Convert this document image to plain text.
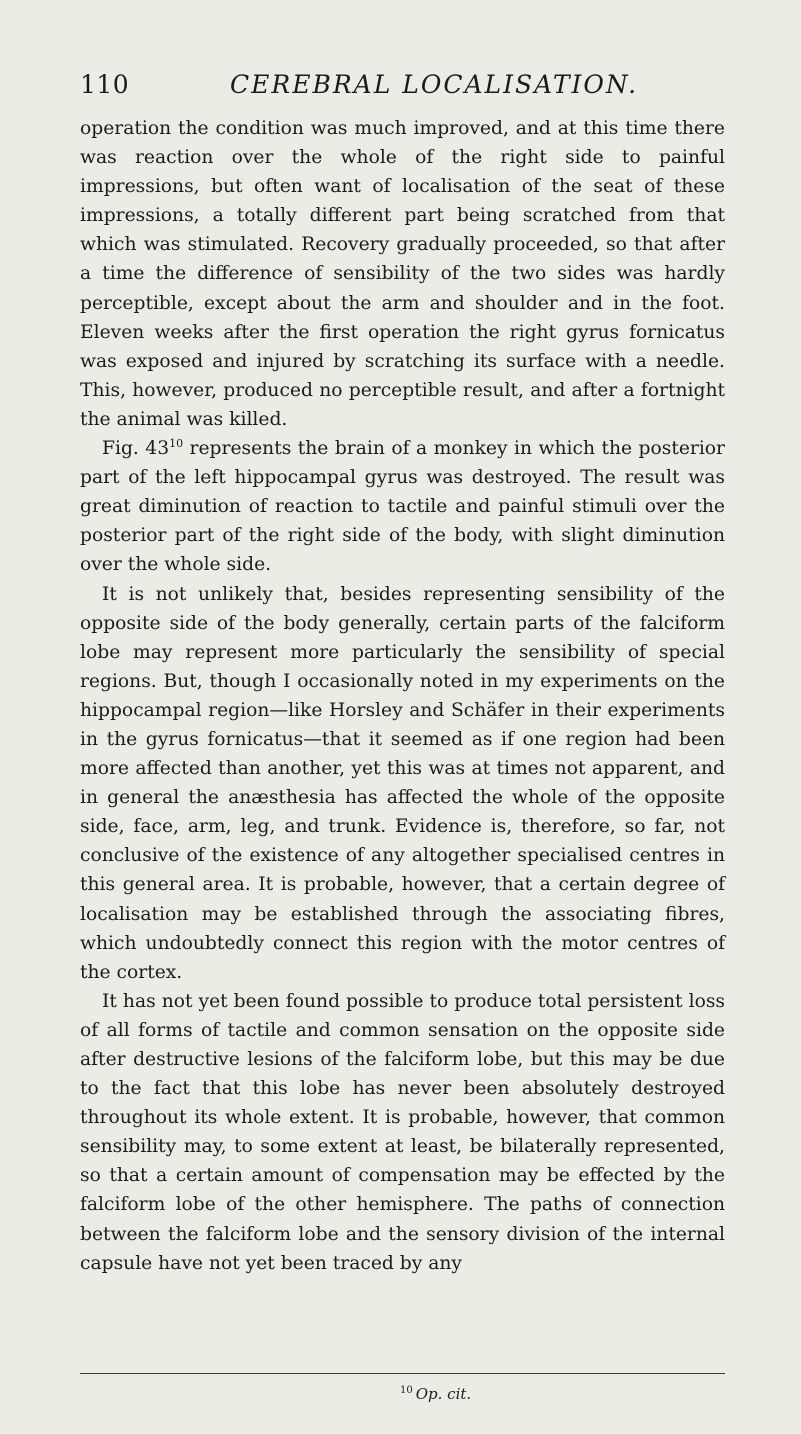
110	CEREBRAL LOCALISATION.

operation the condition was much improved, and at this time there was reaction over the whole of the right side to painful impressions, but often want of localisation of the seat of these impressions, a totally different part being scratched from that which was stimulated. Recovery gradually proceeded, so that after a time the difference of sensibility of the two sides was hardly perceptible, except about the arm and shoulder and in the foot. Eleven weeks after the first operation the right gyrus fornicatus was exposed and injured by scratching its surface with a needle. This, however, produced no perceptible result, and after a fortnight the animal was killed.

Fig. $43^{10}$ represents the brain of a monkey in which the posterior part of the left hippocampal gyrus was destroyed. The result was great diminution of reaction to tactile and painful stimuli over the posterior part of the right side of the body, with slight diminution over the whole side.

It is not unlikely that, besides representing sensibility of the opposite side of the body generally, certain parts of the falciform lobe may represent more particularly the sensibility of special regions. But, though I occasionally noted in my experiments on the hippocampal region—like Horsley and Schäfer in their experiments in the gyrus fornicatus—that it seemed as if one region had been more affected than another, yet this was at times not apparent, and in general the anæsthesia has affected the whole of the opposite side, face, arm, leg, and trunk. Evidence is, therefore, so far, not conclusive of the existence of any altogether specialised centres in this general area. It is probable, however, that a certain degree of localisation may be established through the associating fibres, which undoubtedly connect this region with the motor centres of the cortex.

It has not yet been found possible to produce total persistent loss of all forms of tactile and common sensation on the opposite side after destructive lesions of the falciform lobe, but this may be due to the fact that this lobe has never been absolutely destroyed throughout its whole extent. It is probable, however, that common sensibility may, to some extent at least, be bilaterally represented, so that a certain amount of compensation may be effected by the falciform lobe of the other hemisphere. The paths of connection between the falciform lobe and the sensory division of the internal capsule have not yet been traced by any

$^{10}$ Op. cit.
